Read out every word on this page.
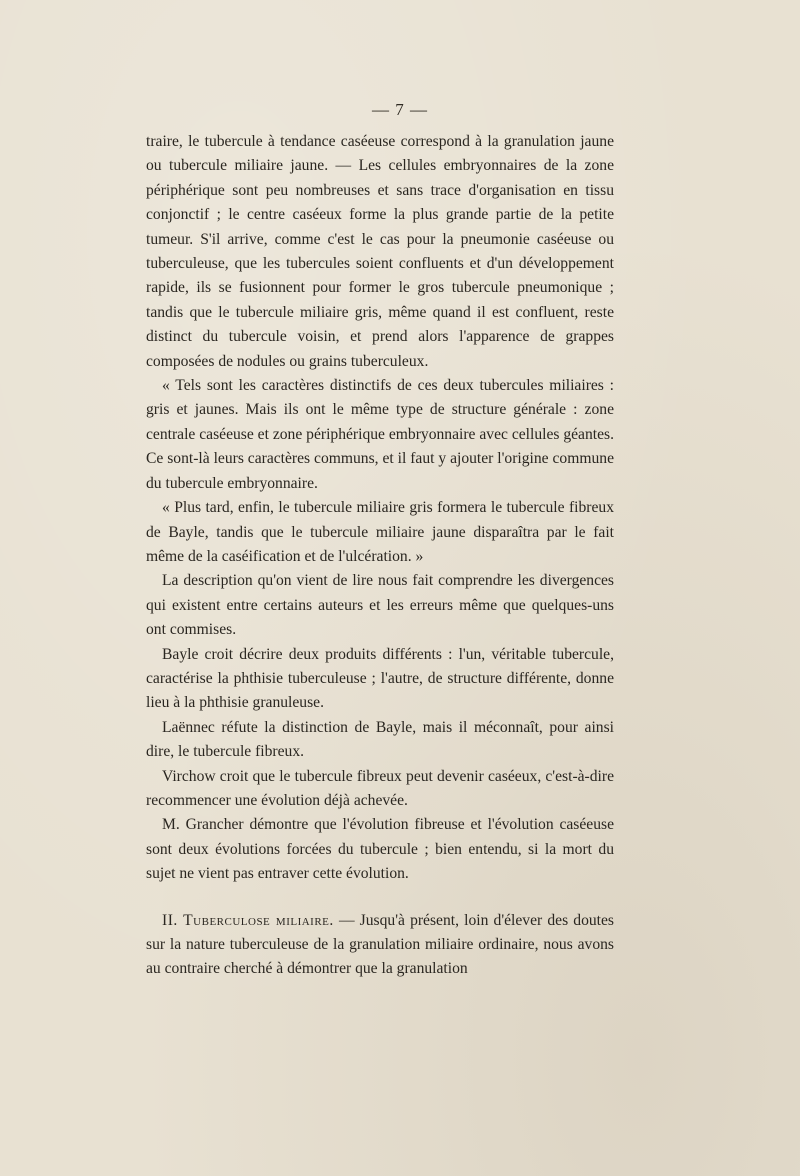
— 7 —

traire, le tubercule à tendance caséeuse correspond à la granulation jaune ou tubercule miliaire jaune. — Les cellules embryonnaires de la zone périphérique sont peu nombreuses et sans trace d'organisation en tissu conjonctif ; le centre caséeux forme la plus grande partie de la petite tumeur. S'il arrive, comme c'est le cas pour la pneumonie caséeuse ou tuberculeuse, que les tubercules soient confluents et d'un développement rapide, ils se fusionnent pour former le gros tubercule pneumonique ; tandis que le tubercule miliaire gris, même quand il est confluent, reste distinct du tubercule voisin, et prend alors l'apparence de grappes composées de nodules ou grains tuberculeux.

« Tels sont les caractères distinctifs de ces deux tubercules miliaires : gris et jaunes. Mais ils ont le même type de structure générale : zone centrale caséeuse et zone périphérique embryonnaire avec cellules géantes. Ce sont-là leurs caractères communs, et il faut y ajouter l'origine commune du tubercule embryonnaire.

« Plus tard, enfin, le tubercule miliaire gris formera le tubercule fibreux de Bayle, tandis que le tubercule miliaire jaune disparaîtra par le fait même de la caséification et de l'ulcération. »

La description qu'on vient de lire nous fait comprendre les divergences qui existent entre certains auteurs et les erreurs même que quelques-uns ont commises.

Bayle croit décrire deux produits différents : l'un, véritable tubercule, caractérise la phthisie tuberculeuse ; l'autre, de structure différente, donne lieu à la phthisie granuleuse.

Laënnec réfute la distinction de Bayle, mais il méconnaît, pour ainsi dire, le tubercule fibreux.

Virchow croit que le tubercule fibreux peut devenir caséeux, c'est-à-dire recommencer une évolution déjà achevée.

M. Grancher démontre que l'évolution fibreuse et l'évolution caséeuse sont deux évolutions forcées du tubercule ; bien entendu, si la mort du sujet ne vient pas entraver cette évolution.

II. Tuberculose miliaire. — Jusqu'à présent, loin d'élever des doutes sur la nature tuberculeuse de la granulation miliaire ordinaire, nous avons au contraire cherché à démontrer que la granulation
